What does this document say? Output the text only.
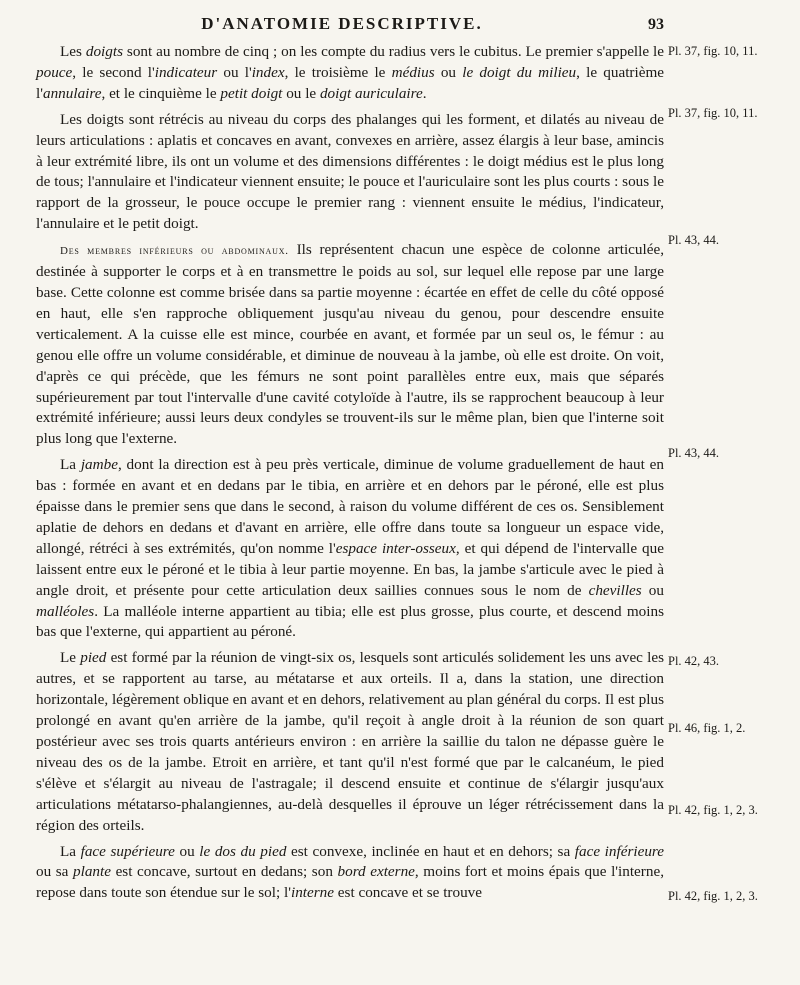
D'ANATOMIE DESCRIPTIVE.	93

Les doigts sont au nombre de cinq ; on les compte du radius vers le cubitus. Le premier s'appelle le pouce, le second l'indicateur ou l'index, le troisième le médius ou le doigt du milieu, le quatrième l'annulaire, et le cinquième le petit doigt ou le doigt auriculaire.

Les doigts sont rétrécis au niveau du corps des phalanges qui les forment, et dilatés au niveau de leurs articulations : aplatis et concaves en avant, convexes en arrière, assez élargis à leur base, amincis à leur extrémité libre, ils ont un volume et des dimensions différentes : le doigt médius est le plus long de tous; l'annulaire et l'indicateur viennent ensuite; le pouce et l'auriculaire sont les plus courts : sous le rapport de la grosseur, le pouce occupe le premier rang : viennent ensuite le médius, l'indicateur, l'annulaire et le petit doigt.

Des membres inférieurs ou abdominaux. Ils représentent chacun une espèce de colonne articulée, destinée à supporter le corps et à en transmettre le poids au sol, sur lequel elle repose par une large base. Cette colonne est comme brisée dans sa partie moyenne : écartée en effet de celle du côté opposé en haut, elle s'en rapproche obliquement jusqu'au niveau du genou, pour descendre ensuite verticalement. A la cuisse elle est mince, courbée en avant, et formée par un seul os, le fémur : au genou elle offre un volume considérable, et diminue de nouveau à la jambe, où elle est droite. On voit, d'après ce qui précède, que les fémurs ne sont point parallèles entre eux, mais que séparés supérieurement par tout l'intervalle d'une cavité cotyloïde à l'autre, ils se rapprochent beaucoup à leur extrémité inférieure; aussi leurs deux condyles se trouvent-ils sur le même plan, bien que l'interne soit plus long que l'externe.

La jambe, dont la direction est à peu près verticale, diminue de volume graduellement de haut en bas : formée en avant et en dedans par le tibia, en arrière et en dehors par le péroné, elle est plus épaisse dans le premier sens que dans le second, à raison du volume différent de ces os. Sensiblement aplatie de dehors en dedans et d'avant en arrière, elle offre dans toute sa longueur un espace vide, allongé, rétréci à ses extrémités, qu'on nomme l'espace inter-osseux, et qui dépend de l'intervalle que laissent entre eux le péroné et le tibia à leur partie moyenne. En bas, la jambe s'articule avec le pied à angle droit, et présente pour cette articulation deux saillies connues sous le nom de chevilles ou malléoles. La malléole interne appartient au tibia; elle est plus grosse, plus courte, et descend moins bas que l'externe, qui appartient au péroné.

Le pied est formé par la réunion de vingt-six os, lesquels sont articulés solidement les uns avec les autres, et se rapportent au tarse, au métatarse et aux orteils. Il a, dans la station, une direction horizontale, légèrement oblique en avant et en dehors, relativement au plan général du corps. Il est plus prolongé en avant qu'en arrière de la jambe, qu'il reçoit à angle droit à la réunion de son quart postérieur avec ses trois quarts antérieurs environ : en arrière la saillie du talon ne dépasse guère le niveau des os de la jambe. Etroit en arrière, et tant qu'il n'est formé que par le calcanéum, le pied s'élève et s'élargit au niveau de l'astragale; il descend ensuite et continue de s'élargir jusqu'aux articulations métatarso-phalangiennes, au-delà desquelles il éprouve un léger rétrécissement dans la région des orteils.

La face supérieure ou le dos du pied est convexe, inclinée en haut et en dehors; sa face inférieure ou sa plante est concave, surtout en dedans; son bord externe, moins fort et moins épais que l'interne, repose dans toute son étendue sur le sol; l'interne est concave et se trouve

Pl. 37, fig. 10, 11.
Pl. 37, fig. 10, 11.
Pl. 43, 44.
Pl. 43, 44.
Pl. 42, 43.
Pl. 46, fig. 1, 2.
Pl. 42, fig. 1, 2, 3.
Pl. 42, fig. 1, 2, 3.
